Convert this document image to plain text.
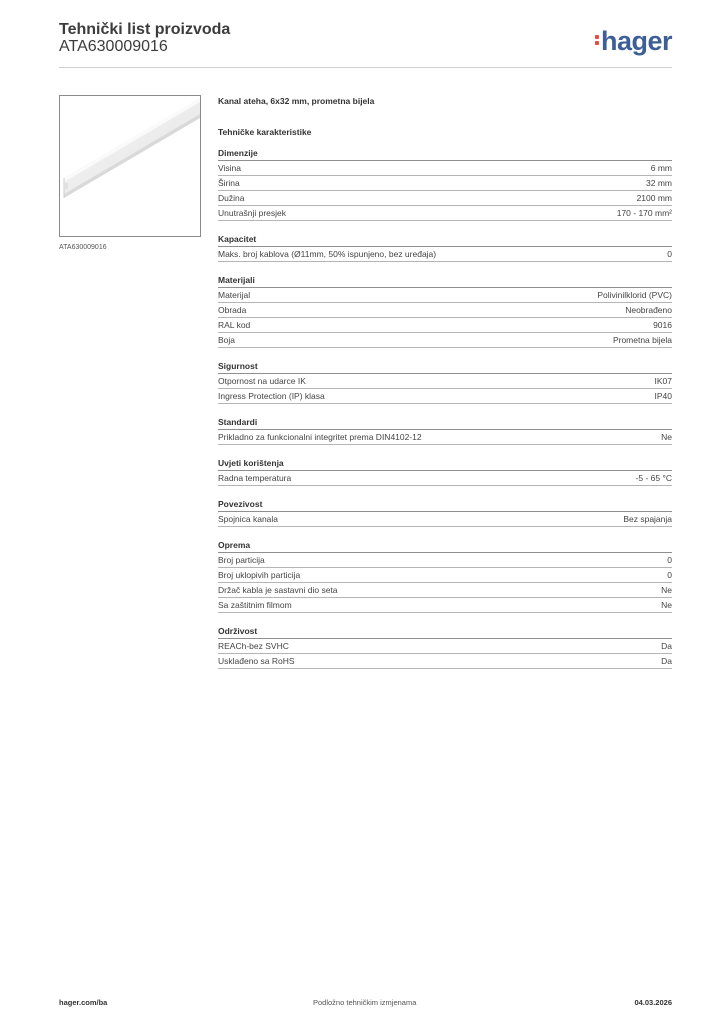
Tehnički list proizvoda
ATA630009016	hager
ATA630009016
Kanal ateha, 6x32 mm, prometna bijela
Tehničke karakteristike
Dimenzije
Visina	6 mm
Širina	32 mm
Dužina	2100 mm
Unutrašnji presjek	170 - 170 mm²
Kapacitet
Maks. broj kablova (Ø11mm, 50% ispunjeno, bez uređaja)	0
Materijali
Materijal	Polivinilklorid (PVC)
Obrada	Neobrađeno
RAL kod	9016
Boja	Prometna bijela
Sigurnost
Otpornost na udarce IK	IK07
Ingress Protection (IP) klasa	IP40
Standardi
Prikladno za funkcionalni integritet prema DIN4102-12	Ne
Uvjeti korištenja
Radna temperatura	-5 - 65 °C
Povezivost
Spojnica kanala	Bez spajanja
Oprema
Broj particija	0
Broj uklopivih particija	0
Držač kabla je sastavni dio seta	Ne
Sa zaštitnim filmom	Ne
Održivost
REACh-bez SVHC	Da
Usklađeno sa RoHS	Da
hager.com/ba	Podložno tehničkim izmjenama	04.03.2026
